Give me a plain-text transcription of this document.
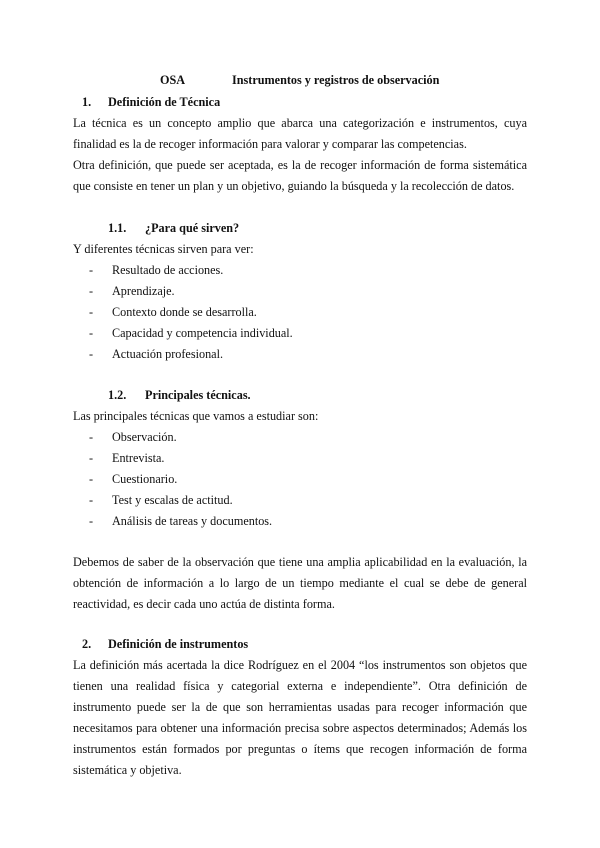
OSA	Instrumentos y registros de observación
1. Definición de Técnica
La técnica es un concepto amplio que abarca una categorización e instrumentos, cuya
finalidad es la de recoger información para valorar y comparar las competencias.
Otra definición, que puede ser aceptada, es la de recoger información de forma sistemática
que consiste en tener un plan y un objetivo, guiando la búsqueda y la recolección de datos.
1.1. ¿Para qué sirven?
Y diferentes técnicas sirven para ver:
- Resultado de acciones.
- Aprendizaje.
- Contexto donde se desarrolla.
- Capacidad y competencia individual.
- Actuación profesional.
1.2. Principales técnicas.
Las principales técnicas que vamos a estudiar son:
- Observación.
- Entrevista.
- Cuestionario.
- Test y escalas de actitud.
- Análisis de tareas y documentos.
Debemos de saber de la observación que tiene una amplia aplicabilidad en la evaluación, la
obtención de información a lo largo de un tiempo mediante el cual se debe de general
reactividad, es decir cada uno actúa de distinta forma.
2. Definición de instrumentos
La definición más acertada la dice Rodríguez en el 2004 “los instrumentos son objetos que
tienen una realidad física y categorial externa e independiente”. Otra definición de
instrumento puede ser la de que son herramientas usadas para recoger información que
necesitamos para obtener una información precisa sobre aspectos determinados; Además los
instrumentos están formados por preguntas o ítems que recogen información de forma
sistemática y objetiva.
